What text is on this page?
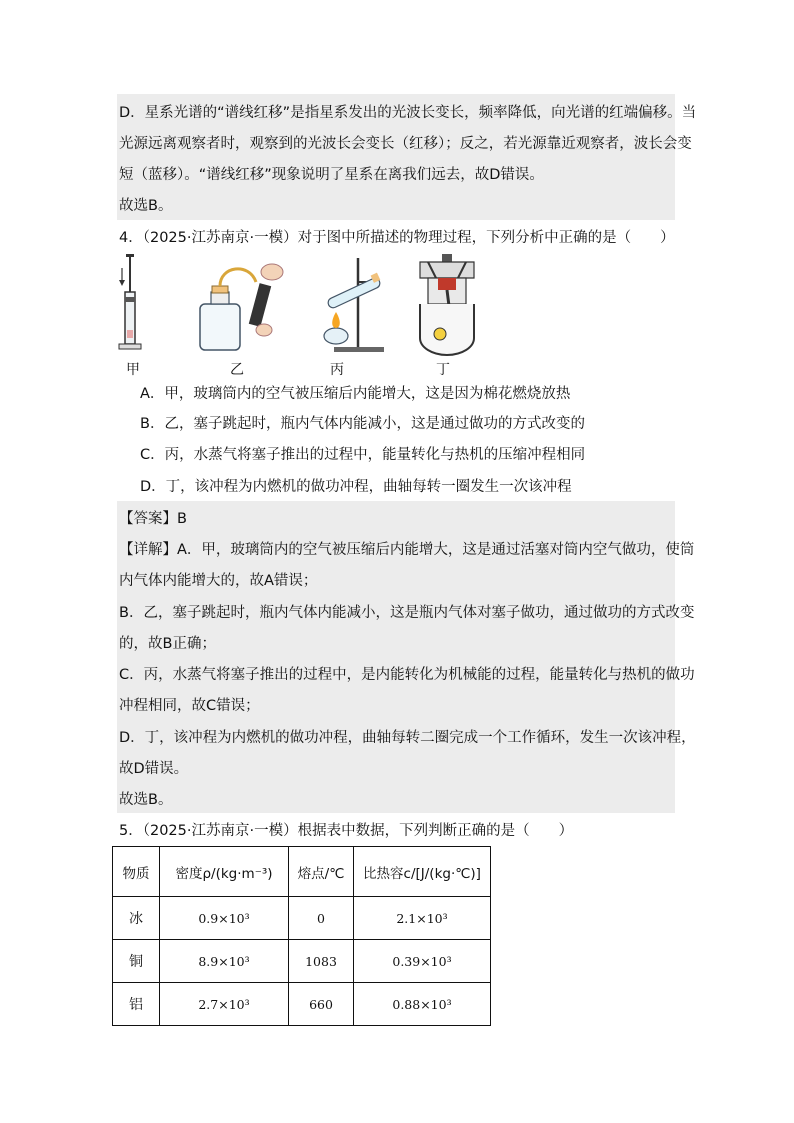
D．星系光谱的“谱线红移”是指星系发出的光波长变长，频率降低，向光谱的红端偏移。当
光源远离观察者时，观察到的光波长会变长（红移）；反之，若光源靠近观察者，波长会变
短（蓝移）。“谱线红移”现象说明了星系在离我们远去，故D错误。
故选B。
4．（2025·江苏南京·一模）对于图中所描述的物理过程，下列分析中正确的是（　　）
甲	乙	丙	丁
A．甲，玻璃筒内的空气被压缩后内能增大，这是因为棉花燃烧放热
B．乙，塞子跳起时，瓶内气体内能减小，这是通过做功的方式改变的
C．丙，水蒸气将塞子推出的过程中，能量转化与热机的压缩冲程相同
D．丁，该冲程为内燃机的做功冲程，曲轴每转一圈发生一次该冲程
【答案】B
【详解】A．甲，玻璃筒内的空气被压缩后内能增大，这是通过活塞对筒内空气做功，使筒
内气体内能增大的，故A错误；
B．乙，塞子跳起时，瓶内气体内能减小，这是瓶内气体对塞子做功，通过做功的方式改变
的，故B正确；
C．丙，水蒸气将塞子推出的过程中，是内能转化为机械能的过程，能量转化与热机的做功
冲程相同，故C错误；
D．丁，该冲程为内燃机的做功冲程，曲轴每转二圈完成一个工作循环，发生一次该冲程，
故D错误。
故选B。
5．（2025·江苏南京·一模）根据表中数据，下列判断正确的是（　　）
物质	密度ρ/(kg·m⁻³)	熔点/℃	比热容c/[J/(kg·℃)]
冰	0.9×10³	0	2.1×10³
铜	8.9×10³	1083	0.39×10³
铝	2.7×10³	660	0.88×10³
